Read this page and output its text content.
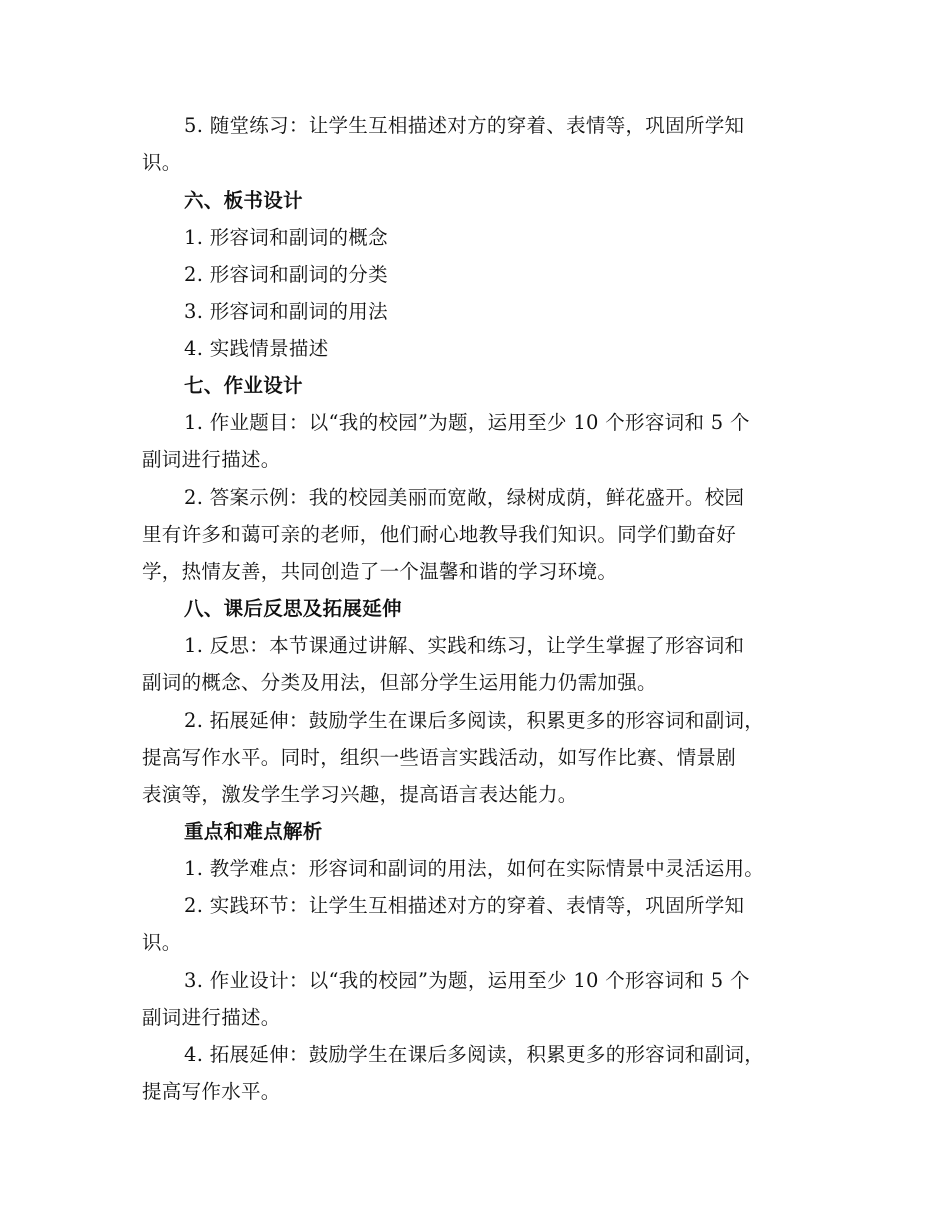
5. 随堂练习：让学生互相描述对方的穿着、表情等，巩固所学知
识。
六、板书设计
1. 形容词和副词的概念
2. 形容词和副词的分类
3. 形容词和副词的用法
4. 实践情景描述
七、作业设计
1. 作业题目：以“我的校园”为题，运用至少 10 个形容词和 5 个
副词进行描述。
2. 答案示例：我的校园美丽而宽敞，绿树成荫，鲜花盛开。校园
里有许多和蔼可亲的老师，他们耐心地教导我们知识。同学们勤奋好
学，热情友善，共同创造了一个温馨和谐的学习环境。
八、课后反思及拓展延伸
1. 反思：本节课通过讲解、实践和练习，让学生掌握了形容词和
副词的概念、分类及用法，但部分学生运用能力仍需加强。
2. 拓展延伸：鼓励学生在课后多阅读，积累更多的形容词和副词，
提高写作水平。同时，组织一些语言实践活动，如写作比赛、情景剧
表演等，激发学生学习兴趣，提高语言表达能力。
重点和难点解析
1. 教学难点：形容词和副词的用法，如何在实际情景中灵活运用。
2. 实践环节：让学生互相描述对方的穿着、表情等，巩固所学知
识。
3. 作业设计：以“我的校园”为题，运用至少 10 个形容词和 5 个
副词进行描述。
4. 拓展延伸：鼓励学生在课后多阅读，积累更多的形容词和副词，
提高写作水平。
